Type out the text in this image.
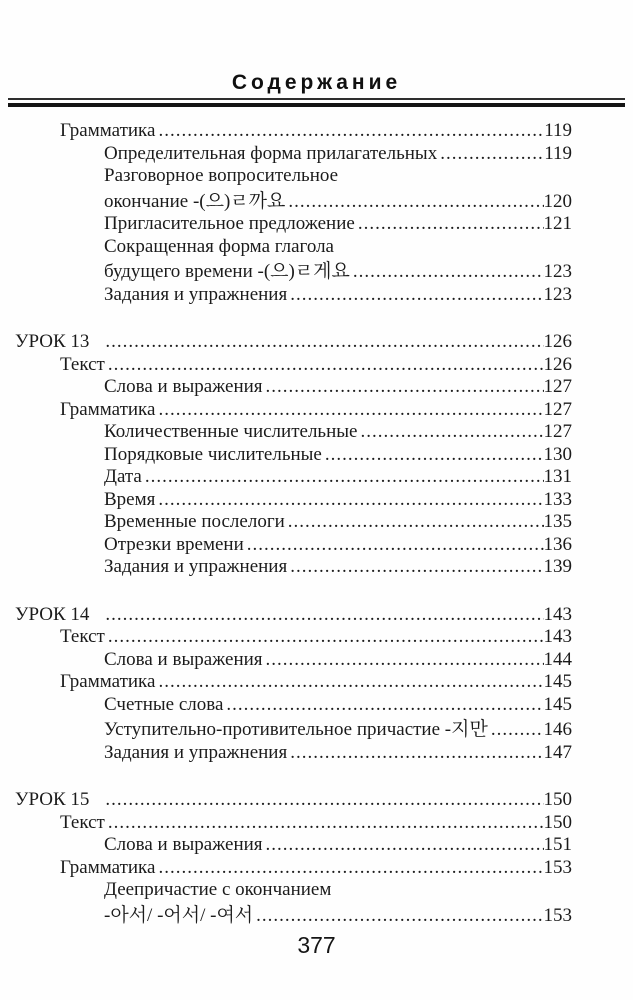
Содержание
Грамматика .....	119
Определительная форма прилагательных .....	119
Разговорное вопросительное
окончание -(으)ㄹ까요 .....	120
Пригласительное предложение .....	121
Сокращенная форма глагола
будущего времени -(으)ㄹ게요 .....	123
Задания и упражнения .....	123
УРОК 13 .....	126
Текст .....	126
Слова и выражения .....	127
Грамматика .....	127
Количественные числительные .....	127
Порядковые числительные .....	130
Дата .....	131
Время .....	133
Временные послелоги .....	135
Отрезки времени .....	136
Задания и упражнения .....	139
УРОК 14 .....	143
Текст .....	143
Слова и выражения .....	144
Грамматика .....	145
Счетные слова .....	145
Уступительно-противительное причастие -지만 .....	146
Задания и упражнения .....	147
УРОК 15 .....	150
Текст .....	150
Слова и выражения .....	151
Грамматика .....	153
Деепричастие с окончанием
-아서/ -어서/ -여서 .....	153
377
